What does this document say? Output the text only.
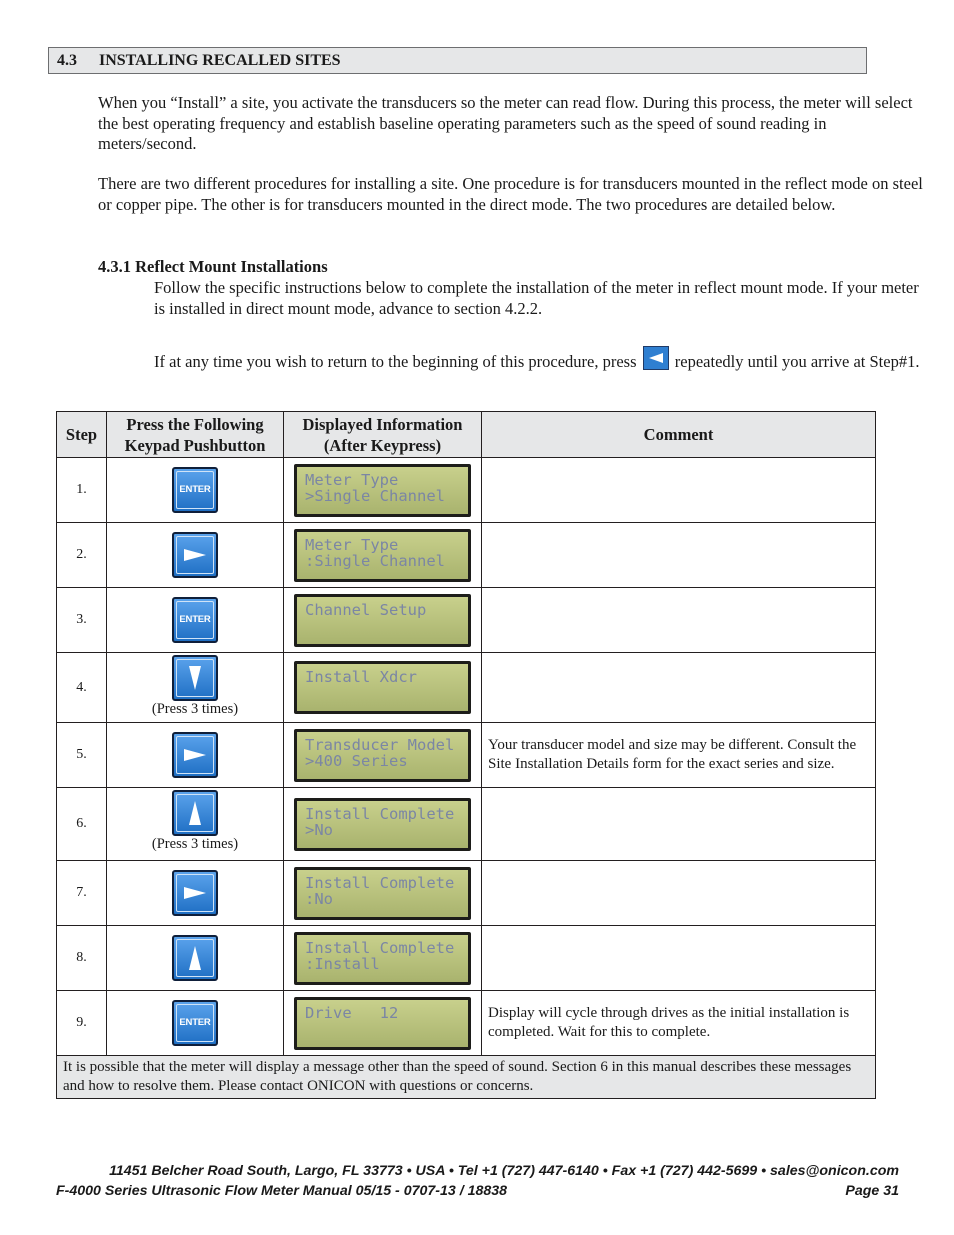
4.3 INSTALLING RECALLED SITES

When you “Install” a site, you activate the transducers so the meter can read flow. During this process, the meter will select the best operating frequency and establish baseline operating parameters such as the speed of sound reading in meters/second.

There are two different procedures for installing a site. One procedure is for transducers mounted in the reflect mode on steel or copper pipe. The other is for transducers mounted in the direct mode. The two procedures are detailed below.

4.3.1 Reflect Mount Installations

Follow the specific instructions below to complete the installation of the meter in reflect mount mode. If your meter is installed in direct mount mode, advance to section 4.2.2.

If at any time you wish to return to the beginning of this procedure, press repeatedly until you arrive at Step#1.

Step	Press the Following Keypad Pushbutton	Displayed Information (After Keypress)	Comment
1.	ENTER	Meter Type
>Single Channel	

2.		Meter Type
:Single Channel	

3.	ENTER	Channel Setup	

4.	(Press 3 times)	Install Xdcr	

5.		Transducer Model
>400 Series	Your transducer model and size may be different. Consult the Site Installation Details form for the exact series and size.
6.	(Press 3 times)	Install Complete
>No	

7.		Install Complete
:No	

8.		Install Complete
:Install	

9.	ENTER	Drive   12	Display will cycle through drives as the initial installation is completed. Wait for this to complete.
It is possible that the meter will display a message other than the speed of sound. Section 6 in this manual describes these messages and how to resolve them. Please contact ONICON with questions or concerns.			
11451 Belcher Road South, Largo, FL 33773 • USA • Tel +1 (727) 447-6140 • Fax +1 (727) 442-5699 • sales@onicon.com
F-4000 Series Ultrasonic Flow Meter Manual 05/15 - 0707-13 / 18838	Page 31
